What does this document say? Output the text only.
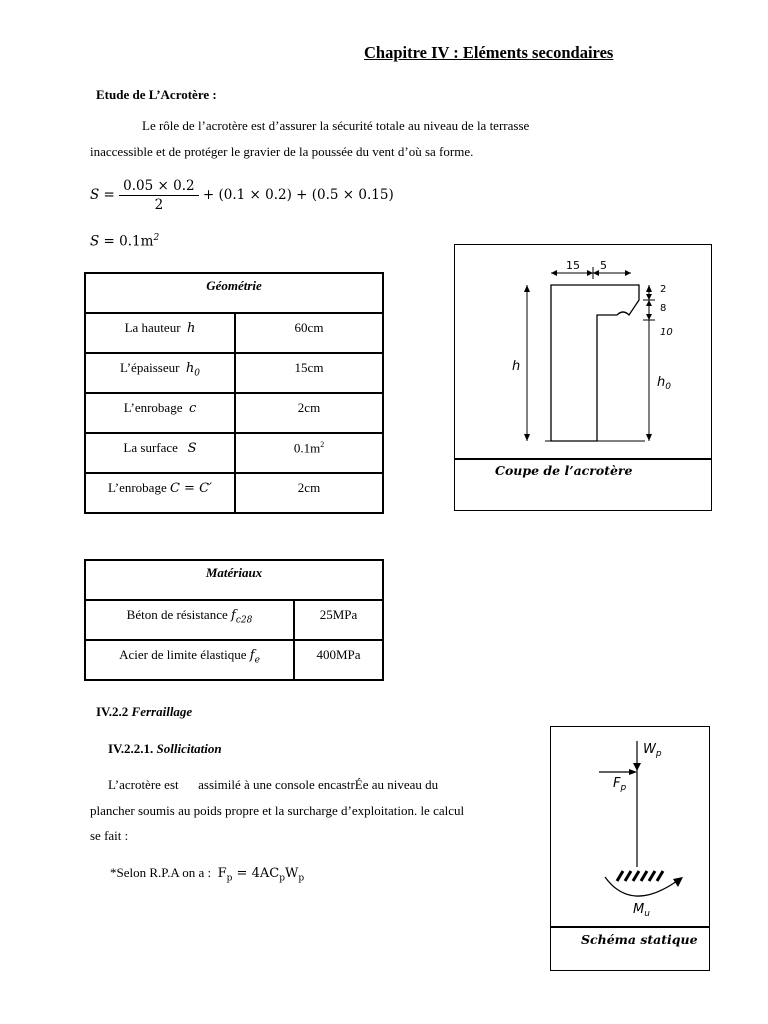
Chapitre IV : Eléments secondaires
Etude de L’Acrotère :
Le rôle de l’acrotère est d’assurer la sécurité totale au niveau de la terrasse
inaccessible et de protéger le gravier de la poussée du vent d’où sa forme.
$S = \frac{0.05 \times 0.2}{2} + (0.1 \times 0.2) + (0.5 \times 0.15)$
$S = 0.1m^2$
Géométrie	
La hauteur h	60cm
L’épaisseur $h_0$	15cm
L’enrobage c	2cm
La surface S	$0.1m^2$
L’enrobage C = C′	2cm
Matériaux	
Béton de résistance $f_{c28}$	25MPa
Acier de limite élastique $f_e$	400MPa
15 5
h
2
8
10
$h_0$
Coupe de l’acrotère
IV.2.2 Ferraillage
IV.2.2.1. Sollicitation
L’acrotère est      assimilé à une console encastrÉe au niveau du
plancher soumis au poids propre et la surcharge d’exploitation. le calcul
se fait :
*Selon R.P.A on a : $F_p = 4AC_pW_p$
$W_p$
$F_p$
$M_u$
Schéma statique
